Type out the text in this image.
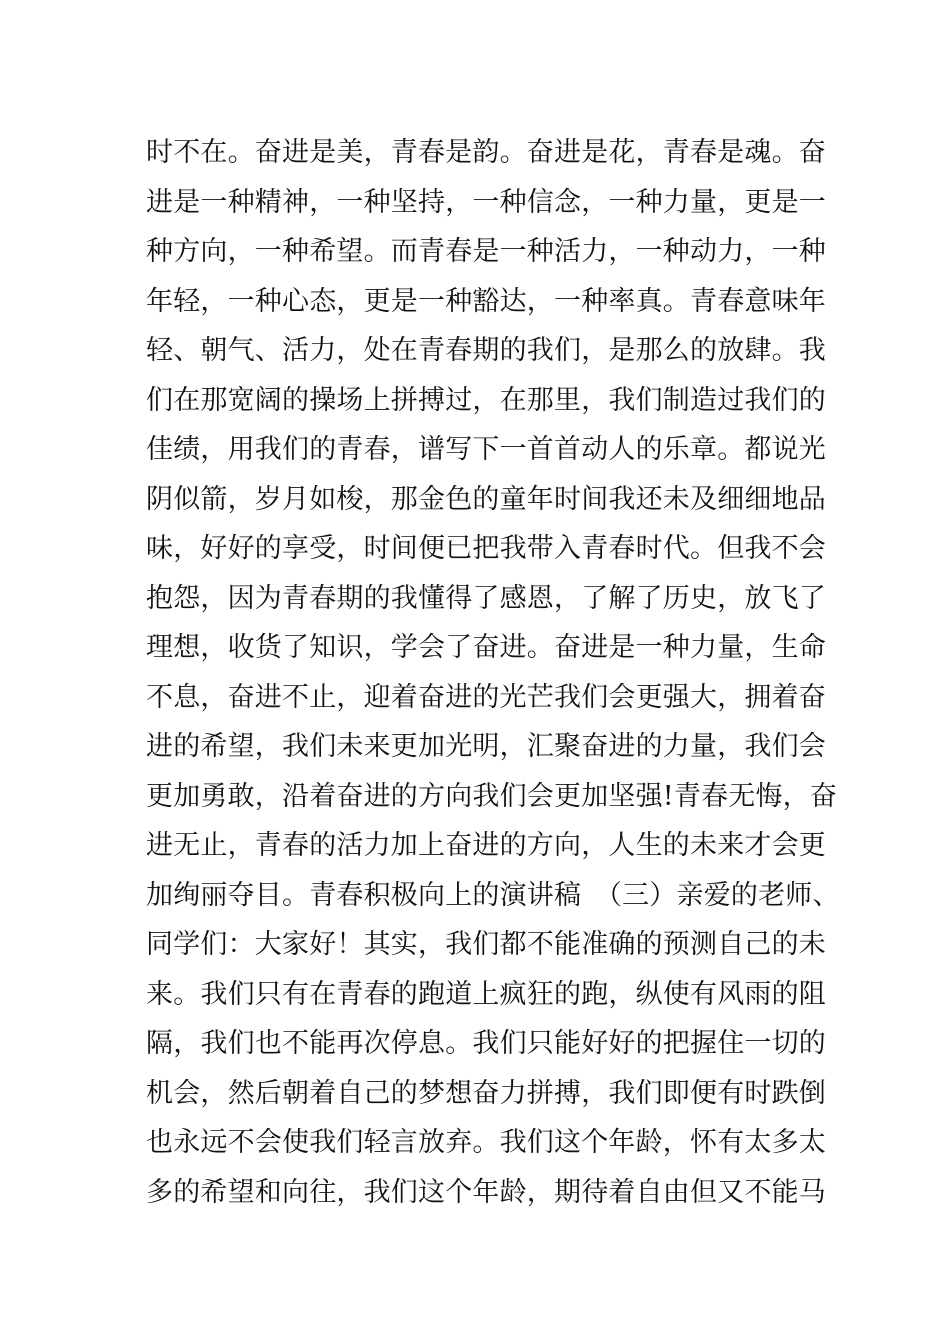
时不在。奋进是美，青春是韵。奋进是花，青春是魂。奋
进是一种精神，一种坚持，一种信念，一种力量，更是一
种方向，一种希望。而青春是一种活力，一种动力，一种
年轻，一种心态，更是一种豁达，一种率真。青春意味年
轻、朝气、活力，处在青春期的我们，是那么的放肆。我
们在那宽阔的操场上拼搏过，在那里，我们制造过我们的
佳绩，用我们的青春，谱写下一首首动人的乐章。都说光
阴似箭，岁月如梭，那金色的童年时间我还未及细细地品
味，好好的享受，时间便已把我带入青春时代。但我不会
抱怨，因为青春期的我懂得了感恩，了解了历史，放飞了
理想，收货了知识，学会了奋进。奋进是一种力量，生命
不息，奋进不止，迎着奋进的光芒我们会更强大，拥着奋
进的希望，我们未来更加光明，汇聚奋进的力量，我们会
更加勇敢，沿着奋进的方向我们会更加坚强!青春无悔，奋
进无止，青春的活力加上奋进的方向，人生的未来才会更
加绚丽夺目。青春积极向上的演讲稿　（三）亲爱的老师、
同学们：大家好！其实，我们都不能准确的预测自己的未
来。我们只有在青春的跑道上疯狂的跑，纵使有风雨的阻
隔，我们也不能再次停息。我们只能好好的把握住一切的
机会，然后朝着自己的梦想奋力拼搏，我们即便有时跌倒
也永远不会使我们轻言放弃。我们这个年龄，怀有太多太
多的希望和向往，我们这个年龄，期待着自由但又不能马
